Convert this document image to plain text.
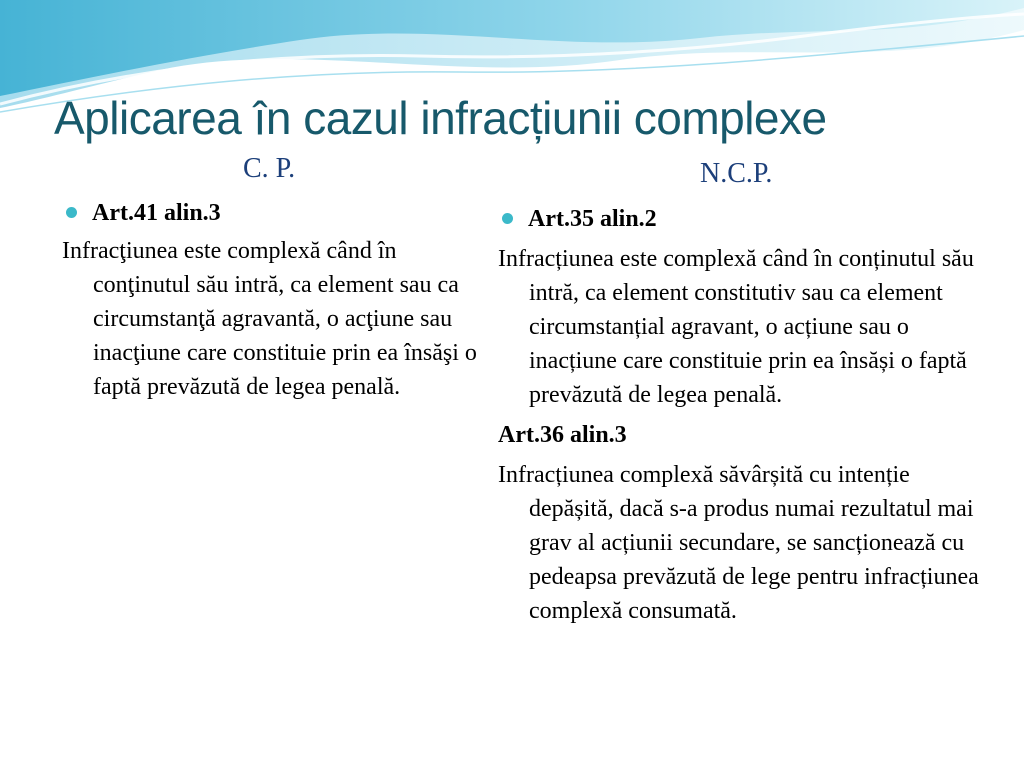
Aplicarea în cazul infracțiunii complexe
C. P.	N.C.P.
Art.41 alin.3

Infracţiunea este complexă când în conţinutul său intră, ca element sau ca circumstanţă agravantă, o acţiune sau inacţiune care constituie prin ea însăşi o faptă prevăzută de legea penală.

Art.35 alin.2

Infracțiunea este complexă când în conținutul său intră, ca element constitutiv sau ca element circumstanțial agravant, o acțiune sau o inacțiune care constituie prin ea însăși o faptă prevăzută de legea penală.

Art.36 alin.3

Infracțiunea complexă săvârșită cu intenție depășită, dacă s-a produs numai rezultatul mai grav al acțiunii secundare, se sancționează cu pedeapsa prevăzută de lege pentru infracțiunea complexă consumată.
